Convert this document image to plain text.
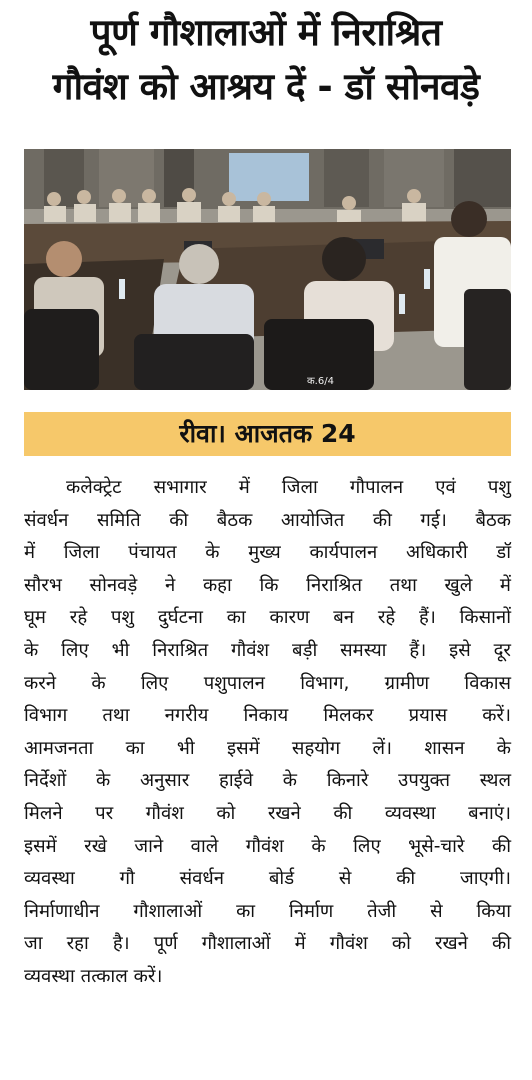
पूर्ण गौशालाओं में निराश्रित
गौवंश को आश्रय दें - डॉ सोनवड़े
क.6/4
रीवा। आजतक 24
कलेक्ट्रेट सभागार में जिला गौपालन एवं पशु
संवर्धन समिति की बैठक आयोजित की गई। बैठक
में जिला पंचायत के मुख्य कार्यपालन अधिकारी डॉ
सौरभ सोनवड़े ने कहा कि निराश्रित तथा खुले में
घूम रहे पशु दुर्घटना का कारण बन रहे हैं। किसानों
के लिए भी निराश्रित गौवंश बड़ी समस्या हैं। इसे दूर
करने के लिए पशुपालन विभाग, ग्रामीण विकास
विभाग तथा नगरीय निकाय मिलकर प्रयास करें।
आमजनता का भी इसमें सहयोग लें। शासन के
निर्देशों के अनुसार हाईवे के किनारे उपयुक्त स्थल
मिलने पर गौवंश को रखने की व्यवस्था बनाएं।
इसमें रखे जाने वाले गौवंश के लिए भूसे-चारे की
व्यवस्था गौ संवर्धन बोर्ड से की जाएगी।
निर्माणाधीन गौशालाओं का निर्माण तेजी से किया
जा रहा है। पूर्ण गौशालाओं में गौवंश को रखने की
व्यवस्था तत्काल करें।
